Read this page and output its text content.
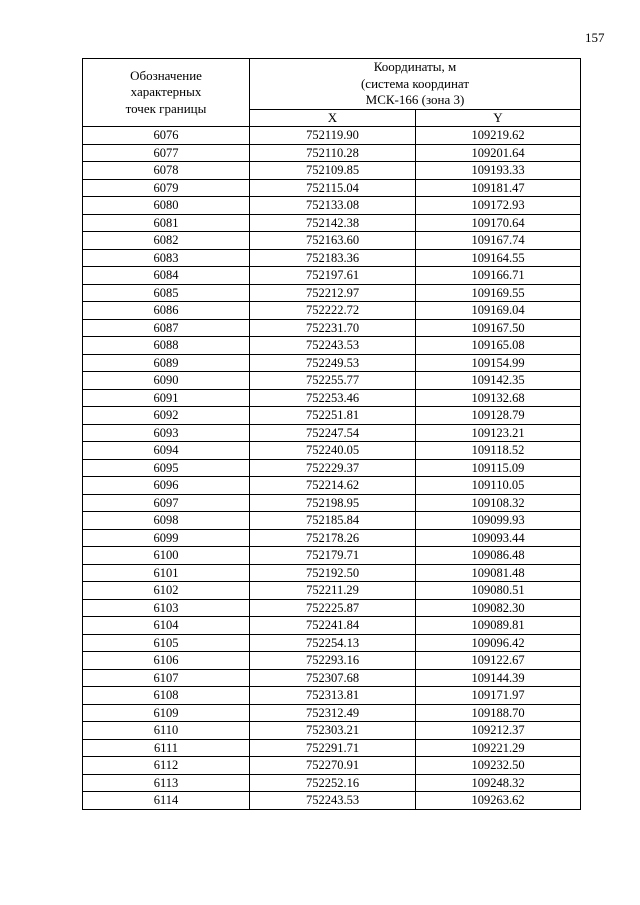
157
Обозначение
характерных
точек границы	Координаты, м
(система координат
МСК-166 (зона 3)	
	X	Y
6076	752119.90	109219.62
6077	752110.28	109201.64
6078	752109.85	109193.33
6079	752115.04	109181.47
6080	752133.08	109172.93
6081	752142.38	109170.64
6082	752163.60	109167.74
6083	752183.36	109164.55
6084	752197.61	109166.71
6085	752212.97	109169.55
6086	752222.72	109169.04
6087	752231.70	109167.50
6088	752243.53	109165.08
6089	752249.53	109154.99
6090	752255.77	109142.35
6091	752253.46	109132.68
6092	752251.81	109128.79
6093	752247.54	109123.21
6094	752240.05	109118.52
6095	752229.37	109115.09
6096	752214.62	109110.05
6097	752198.95	109108.32
6098	752185.84	109099.93
6099	752178.26	109093.44
6100	752179.71	109086.48
6101	752192.50	109081.48
6102	752211.29	109080.51
6103	752225.87	109082.30
6104	752241.84	109089.81
6105	752254.13	109096.42
6106	752293.16	109122.67
6107	752307.68	109144.39
6108	752313.81	109171.97
6109	752312.49	109188.70
6110	752303.21	109212.37
6111	752291.71	109221.29
6112	752270.91	109232.50
6113	752252.16	109248.32
6114	752243.53	109263.62
